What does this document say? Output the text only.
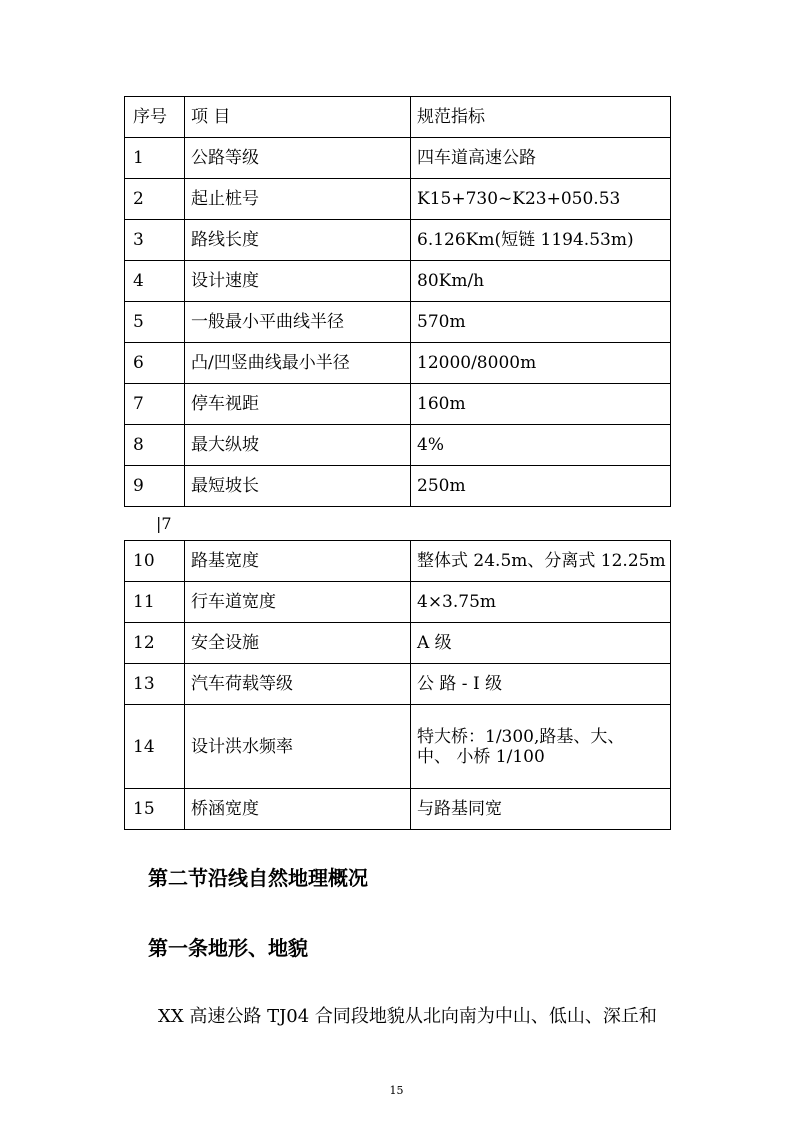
序号	项 目	规范指标
1	公路等级	四车道高速公路
2	起止桩号	K15+730~K23+050.53
3	路线长度	6.126Km(短链 1194.53m)
4	设计速度	80Km/h
5	一般最小平曲线半径	570m
6	凸/凹竖曲线最小半径	12000/8000m
7	停车视距	160m
8	最大纵坡	4%
9	最短坡长	250m
|7
10	路基宽度	整体式 24.5m、分离式 12.25m
11	行车道宽度	4×3.75m
12	安全设施	A 级
13	汽车荷载等级	公 路 - I 级
14	设计洪水频率	特大桥：1/300,路基、大、
中、 小桥 1/100

15	桥涵宽度	与路基同宽
第二节沿线自然地理概况
第一条地形、地貌
XX 高速公路 TJ04 合同段地貌从北向南为中山、低山、深丘和
15
